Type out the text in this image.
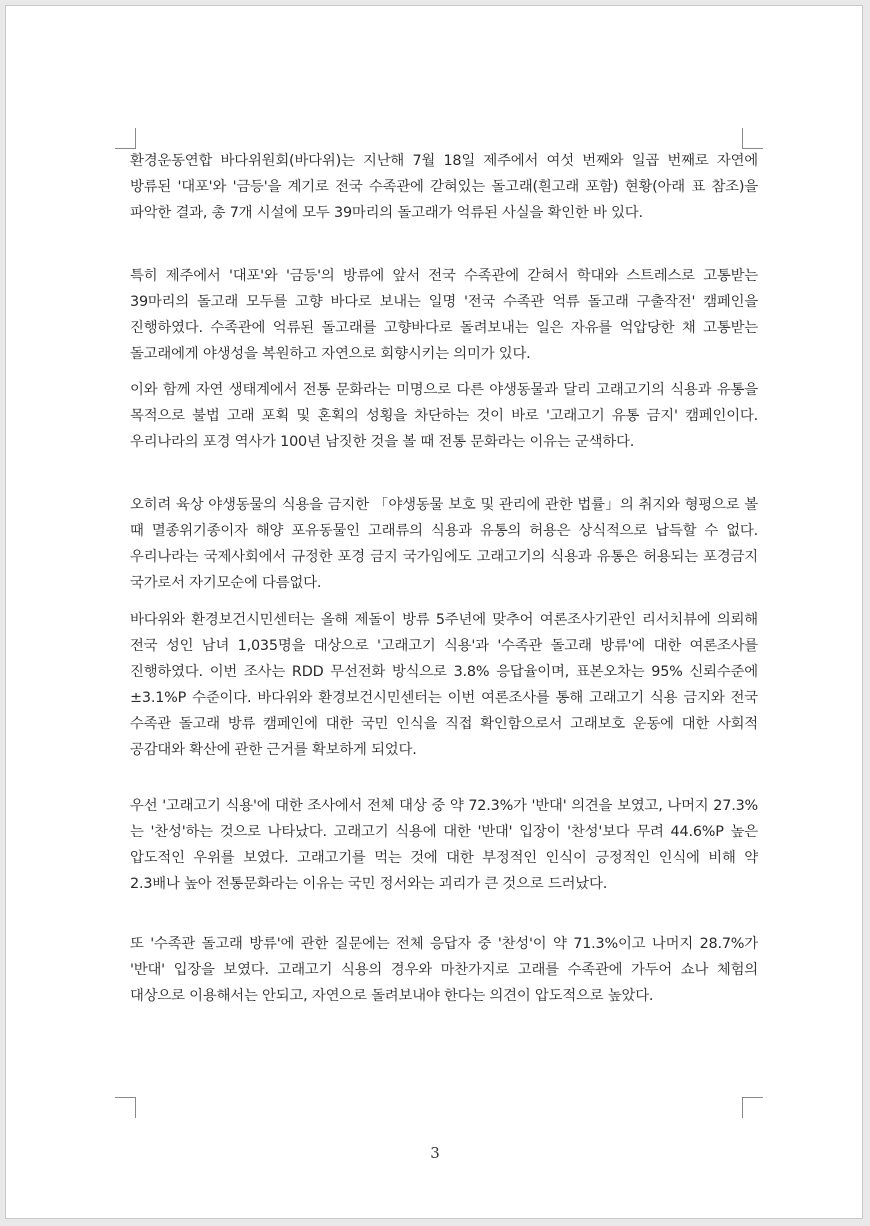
환경운동연합 바다위원회(바다위)는 지난해 7월 18일 제주에서 여섯 번째와 일곱 번째로 자연에 방류된 '대포'와 '금등'을 계기로 전국 수족관에 갇혀있는 돌고래(흰고래 포함) 현황(아래 표 참조)을 파악한 결과, 총 7개 시설에 모두 39마리의 돌고래가 억류된 사실을 확인한 바 있다.

특히 제주에서 '대포'와 '금등'의 방류에 앞서 전국 수족관에 갇혀서 학대와 스트레스로 고통받는 39마리의 돌고래 모두를 고향 바다로 보내는 일명 '전국 수족관 억류 돌고래 구출작전' 캠페인을 진행하였다. 수족관에 억류된 돌고래를 고향바다로 돌려보내는 일은 자유를 억압당한 채 고통받는 돌고래에게 야생성을 복원하고 자연으로 회향시키는 의미가 있다.

이와 함께 자연 생태계에서 전통 문화라는 미명으로 다른 야생동물과 달리 고래고기의 식용과 유통을 목적으로 불법 고래 포획 및 혼획의 성횡을 차단하는 것이 바로 '고래고기 유통 금지' 캠페인이다. 우리나라의 포경 역사가 100년 남짓한 것을 볼 때 전통 문화라는 이유는 군색하다.

오히려 육상 야생동물의 식용을 금지한 「야생동물 보호 및 관리에 관한 법률」의 취지와 형평으로 볼 때 멸종위기종이자 해양 포유동물인 고래류의 식용과 유통의 허용은 상식적으로 납득할 수 없다. 우리나라는 국제사회에서 규정한 포경 금지 국가임에도 고래고기의 식용과 유통은 허용되는 포경금지 국가로서 자기모순에 다름없다.

바다위와 환경보건시민센터는 올해 제돌이 방류 5주년에 맞추어 여론조사기관인 리서치뷰에 의뢰해 전국 성인 남녀 1,035명을 대상으로 '고래고기 식용'과 '수족관 돌고래 방류'에 대한 여론조사를 진행하였다. 이번 조사는 RDD 무선전화 방식으로 3.8% 응답율이며, 표본오차는 95% 신뢰수준에 ±3.1%P 수준이다. 바다위와 환경보건시민센터는 이번 여론조사를 통해 고래고기 식용 금지와 전국 수족관 돌고래 방류 캠페인에 대한 국민 인식을 직접 확인함으로서 고래보호 운동에 대한 사회적 공감대와 확산에 관한 근거를 확보하게 되었다.

우선 '고래고기 식용'에 대한 조사에서 전체 대상 중 약 72.3%가 '반대' 의견을 보였고, 나머지 27.3%는 '찬성'하는 것으로 나타났다. 고래고기 식용에 대한 '반대' 입장이 '찬성'보다 무려 44.6%P 높은 압도적인 우위를 보였다. 고래고기를 먹는 것에 대한 부정적인 인식이 긍정적인 인식에 비해 약 2.3배나 높아 전통문화라는 이유는 국민 정서와는 괴리가 큰 것으로 드러났다.

또 '수족관 돌고래 방류'에 관한 질문에는 전체 응답자 중 '찬성'이 약 71.3%이고 나머지 28.7%가 '반대' 입장을 보였다. 고래고기 식용의 경우와 마찬가지로 고래를 수족관에 가두어 쇼나 체험의 대상으로 이용해서는 안되고, 자연으로 돌려보내야 한다는 의견이 압도적으로 높았다.

3
